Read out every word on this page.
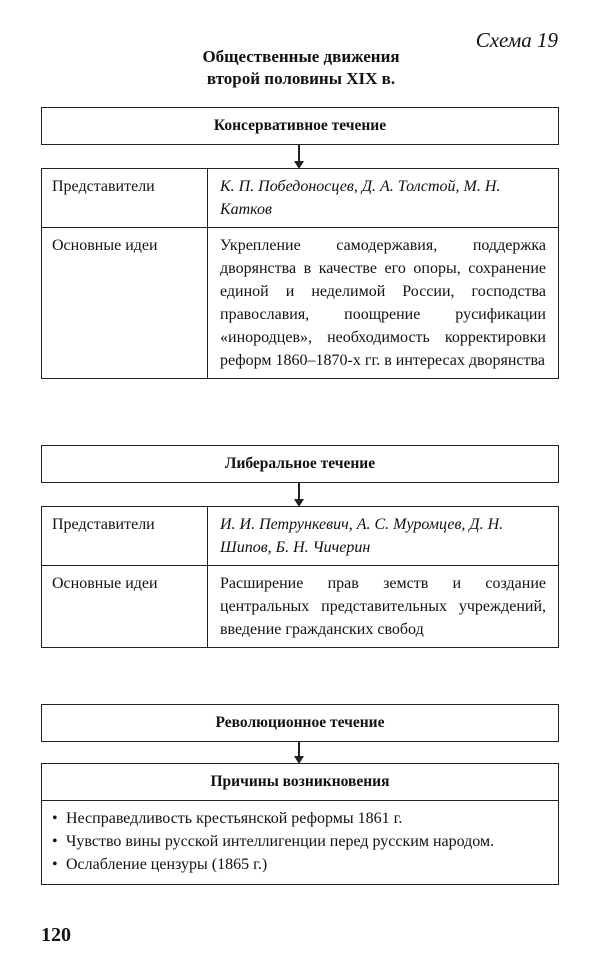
Схема 19
Общественные движения
второй половины XIX в.
Консервативное течение
Представители	К. П. Победоносцев, Д. А. Толстой, М. Н. Катков
Основные идеи	Укрепление самодержавия, поддержка дворянства в качестве его опоры, сохранение единой и неделимой России, господства православия, поощрение русификации «инородцев», необходимость корректировки реформ 1860–1870-х гг. в интересах дворянства
Либеральное течение
Представители	И. И. Петрункевич, А. С. Муромцев, Д. Н. Шипов, Б. Н. Чичерин
Основные идеи	Расширение прав земств и создание центральных представительных учреждений, введение гражданских свобод
Революционное течение
Причины возникновения
• Несправедливость крестьянской реформы 1861 г.
• Чувство вины русской интеллигенции перед русским народом.
• Ослабление цензуры (1865 г.)
120
